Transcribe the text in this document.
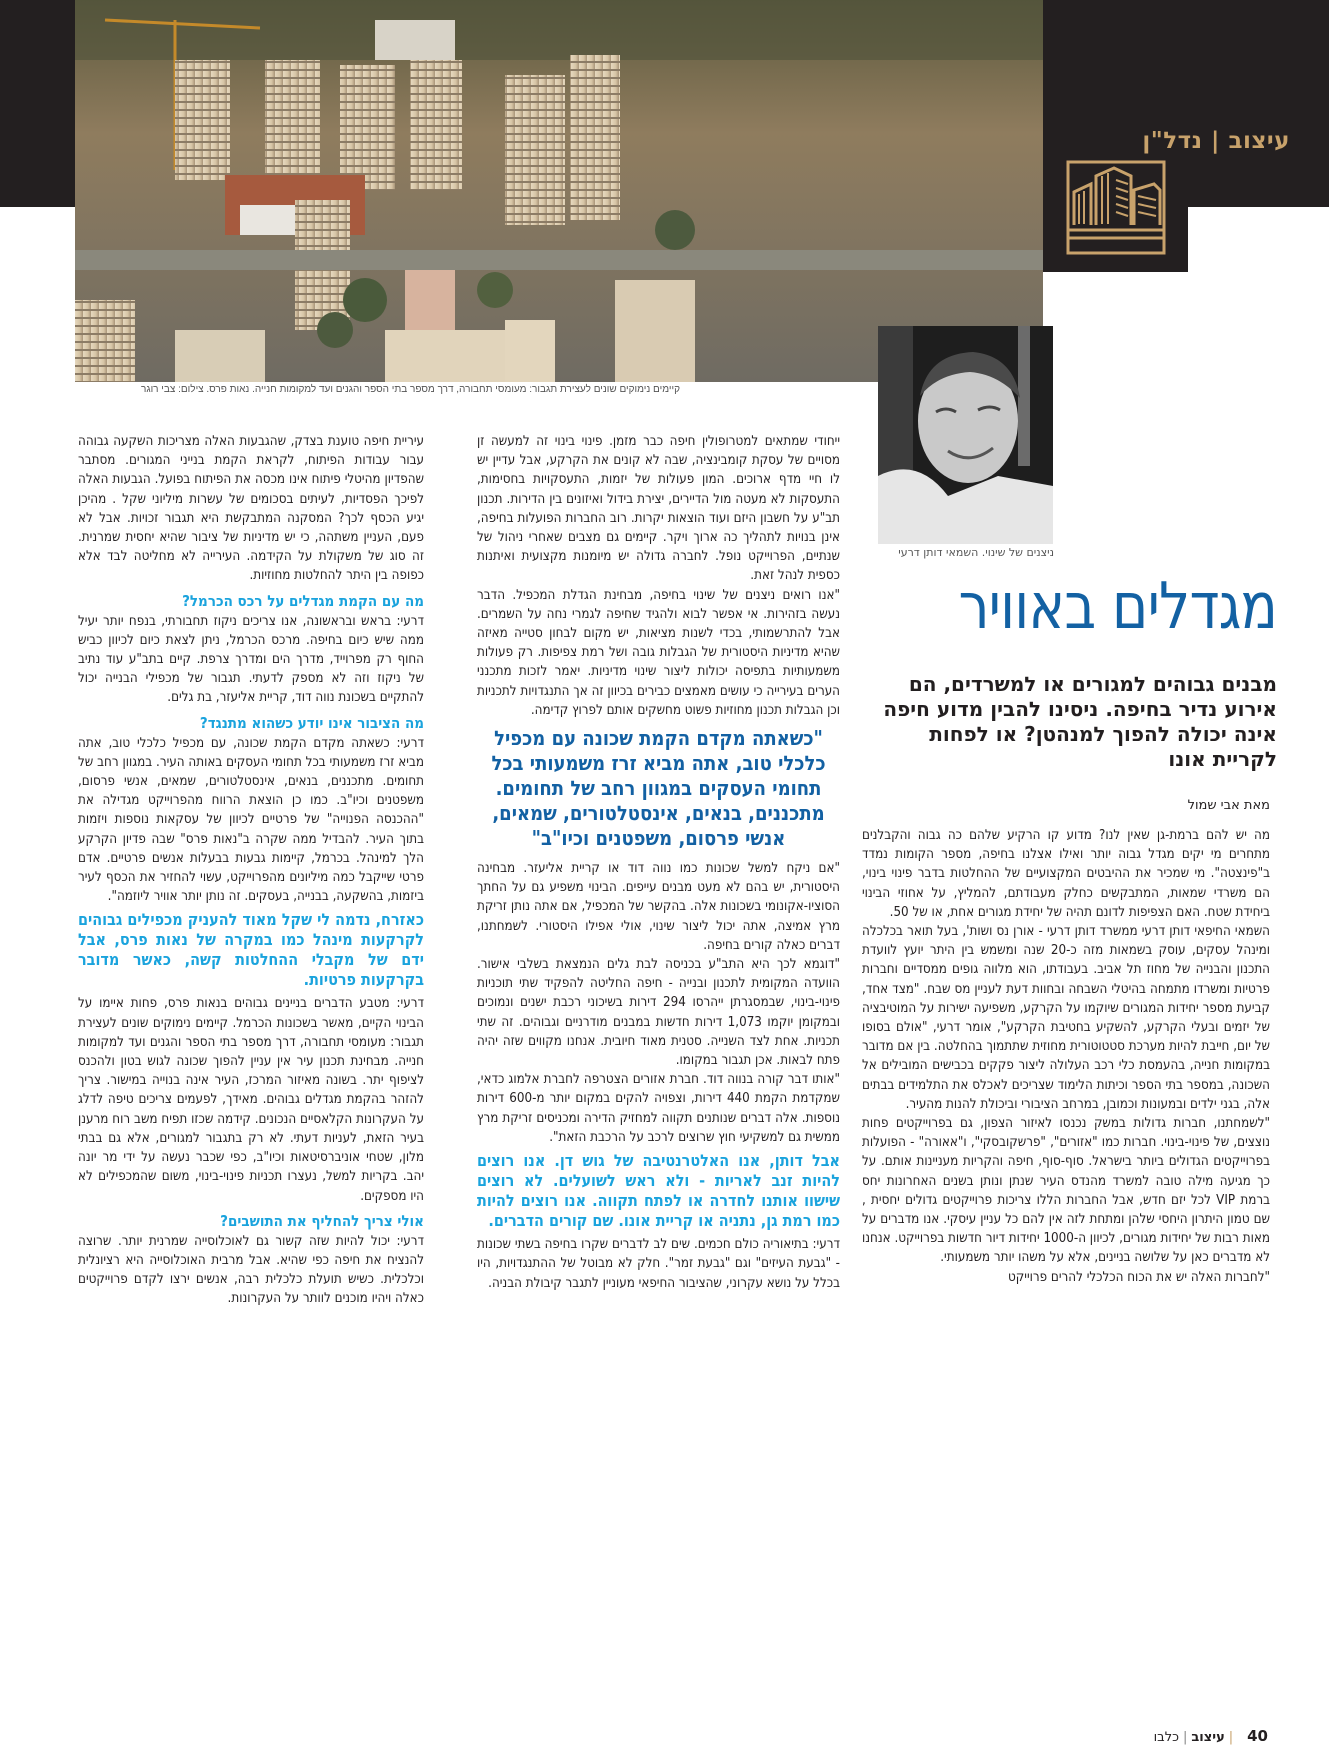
עיצוב | נדל"ן
קיימים נימוקים שונים לעצירת תגבור: מעומסי תחבורה, דרך מספר בתי הספר והגנים ועד למקומות חנייה. נאות פרס. צילום: צבי רוגר
ניצנים של שינוי. השמאי דותן דרעי
מגדלים באוויר
מבנים גבוהים למגורים או למשרדים, הם אירוע נדיר בחיפה. ניסינו להבין מדוע חיפה אינה יכולה להפוך למנהטן? או לפחות לקריית אונו
מאת אבי שמול

מה יש להם ברמת-גן שאין לנו? מדוע קו הרקיע שלהם כה גבוה והקבלנים מתחרים מי יקים מגדל גבוה יותר ואילו אצלנו בחיפה, מספר הקומות נמדד ב"פינצטה". מי שמכיר את ההיבטים המקצועיים של ההחלטות בדבר פינוי בינוי, הם משרדי שמאות, המתבקשים כחלק מעבודתם, להמליץ, על אחוזי הבינוי ביחידת שטח. האם הצפיפות לדונם תהיה של יחידת מגורים אחת, או של 50.

השמאי החיפאי דותן דרעי ממשרד דותן דרעי - אורן נס ושות', בעל תואר בכלכלה ומינהל עסקים, עוסק בשמאות מזה כ-20 שנה ומשמש בין היתר יועץ לוועדת התכנון והבנייה של מחוז תל אביב. בעבודתו, הוא מלווה גופים ממסדיים וחברות פרטיות ומשרדו מתמחה בהיטלי השבחה ובחוות דעת לעניין מס שבח. "מצד אחד, קביעת מספר יחידות המגורים שיוקמו על הקרקע, משפיעה ישירות על המוטיבציה של יזמים ובעלי הקרקע, להשקיע בחטיבת הקרקע", אומר דרעי, "אולם בסופו של יום, חייבת להיות מערכת סטטוטורית מחוזית שתתמוך בהחלטה. בין אם מדובר במקומות חנייה, בהעמסת כלי רכב העלולה ליצור פקקים בכבישים המובילים אל השכונה, במספר בתי הספר וכיתות הלימוד שצריכים לאכלס את התלמידים בבתים אלה, בגני ילדים ובמעונות וכמובן, במרחב הציבורי וביכולת להנות מהעיר.

"לשמחתנו, חברות גדולות במשק נכנסו לאיזור הצפון, גם בפרוייקטים פחות נוצצים, של פינוי-בינוי. חברות כמו "אזורים", "פרשקובסקי", ו"אאורה" - הפועלות בפרוייקטים הגדולים ביותר בישראל. סוף-סוף, חיפה והקריות מעניינות אותם. על כך מגיעה מילה טובה למשרד מהנדס העיר שנתן ונותן בשנים האחרונות יחס ברמת VIP לכל יזם חדש, אבל החברות הללו צריכות פרוייקטים גדולים יחסית , שם טמון היתרון היחסי שלהן ומתחת לזה אין להם כל עניין עיסקי. אנו מדברים על מאות רבות של יחידות מגורים, לכיוון ה-1000 יחידות דיור חדשות בפרוייקט. אנחנו לא מדברים כאן על שלושה בניינים, אלא על משהו יותר משמעותי.

"לחברות האלה יש את הכוח הכלכלי להרים פרוייקט

ייחודי שמתאים למטרופולין חיפה כבר מזמן. פינוי בינוי זה למעשה זן מסויים של עסקת קומבינציה, שבה לא קונים את הקרקע, אבל עדיין יש לו חיי מדף ארוכים. המון פעולות של יזמות, התעסקויות בחסימות, התעסקות לא מעטה מול הדיירים, יצירת בידול ואיזונים בין הדירות. תכנון תב"ע על חשבון היזם ועוד הוצאות יקרות. רוב החברות הפועלות בחיפה, אינן בנויות לתהליך כה ארוך ויקר. קיימים גם מצבים שאחרי ניהול של שנתיים, הפרוייקט נופל. לחברה גדולה יש מיומנות מקצועית ואיתנות כספית לנהל זאת.

"אנו רואים ניצנים של שינוי בחיפה, מבחינת הגדלת המכפיל. הדבר נעשה בזהירות. אי אפשר לבוא ולהגיד שחיפה לגמרי נחה על השמרים. אבל להתרשמותי, בכדי לשנות מציאות, יש מקום לבחון סטייה מאיזה שהיא מדיניות היסטורית של הגבלות גובה ושל רמת צפיפות. רק פעולות משמעותיות בתפיסה יכולות ליצור שינוי מדיניות. יאמר לזכות מתכנני הערים בעירייה כי עושים מאמצים כבירים בכיוון זה אך התנגדויות לתכניות וכן הגבלות תכנון מחוזיות פשוט מחשקים אותם לפרוץ קדימה.

"כשאתה מקדם הקמת שכונה עם מכפיל כלכלי טוב, אתה מביא זרז משמעותי בכל תחומי העסקים במגוון רחב של תחומים. מתכננים, בנאים, אינסטלטורים, שמאים, אנשי פרסום, משפטנים וכיו"ב"

"אם ניקח למשל שכונות כמו נווה דוד או קריית אליעזר. מבחינה היסטורית, יש בהם לא מעט מבנים עייפים. הבינוי משפיע גם על החתך הסוציו-אקונומי בשכונות אלה. בהקשר של המכפיל, אם אתה נותן זריקת מרץ אמיצה, אתה יכול ליצור שינוי, אולי אפילו היסטורי. לשמחתנו, דברים כאלה קורים בחיפה.

"דוגמא לכך היא התב"ע בכניסה לבת גלים הנמצאת בשלבי אישור. הוועדה המקומית לתכנון ובנייה - חיפה החליטה להפקיד שתי תוכניות פינוי-בינוי, שבמסגרתן ייהרסו 294 דירות בשיכוני רכבת ישנים ונמוכים ובמקומן יוקמו 1,073 דירות חדשות במבנים מודרניים וגבוהים. זה שתי תכניות. אחת לצד השנייה. סטנית מאוד חיובית. אנחנו מקווים שזה יהיה פתח לבאות. אכן תגבור במקומו.

"אותו דבר קורה בנווה דוד. חברת אזורים הצטרפה לחברת אלמוג כדאי, שמקדמת הקמת 440 דירות, וצפויה להקים במקום יותר מ-600 דירות נוספות. אלה דברים שנותנים תקווה למחזיק הדירה ומכניסים זריקת מרץ ממשית גם למשקיעי חוץ שרוצים לרכב על הרכבת הזאת".

אבל דותן, אנו האלטרנטיבה של גוש דן. אנו רוצים להיות זנב לאריות - ולא ראש לשועלים. לא רוצים שישוו אותנו לחדרה או לפתח תקווה. אנו רוצים להיות כמו רמת גן, נתניה או קריית אונו. שם קורים הדברים.

דרעי: בתיאוריה כולם חכמים. שים לב לדברים שקרו בחיפה בשתי שכונות - "גבעת העיזים" וגם "גבעת זמר". חלק לא מבוטל של ההתנגדויות, היו בכלל על נושא עקרוני, שהציבור החיפאי מעוניין לתגבר קיבולת הבניה.

עיריית חיפה טוענת בצדק, שהגבעות האלה מצריכות השקעה גבוהה עבור עבודות הפיתוח, לקראת הקמת בנייני המגורים. מסתבר שהפדיון מהיטלי פיתוח אינו מכסה את הפיתוח בפועל. הגבעות האלה לפיכך הפסדיות, לעיתים בסכומים של עשרות מיליוני שקל . מהיכן יגיע הכסף לכך? המסקנה המתבקשת היא תגבור זכויות. אבל לא פעם, העניין משתהה, כי יש מדיניות של ציבור שהיא יחסית שמרנית. זה סוג של משקולת על הקידמה. העירייה לא מחליטה לבד אלא כפופה בין היתר להחלטות מחוזיות.

מה עם הקמת מגדלים על רכס הכרמל?

דרעי: בראש ובראשונה, אנו צריכים ניקוז תחבורתי, בנפח יותר יעיל ממה שיש כיום בחיפה. מרכס הכרמל, ניתן לצאת כיום לכיוון כביש החוף רק מפרוייד, מדרך הים ומדרך צרפת. קיים בתב"ע עוד נתיב של ניקוז וזה לא מספק לדעתי. תגבור של מכפילי הבנייה יכול להתקיים בשכונת נווה דוד, קריית אליעזר, בת גלים.

מה הציבור אינו יודע כשהוא מתנגד?

דרעי: כשאתה מקדם הקמת שכונה, עם מכפיל כלכלי טוב, אתה מביא זרז משמעותי בכל תחומי העסקים באותה העיר. במגוון רחב של תחומים. מתכננים, בנאים, אינסטלטורים, שמאים, אנשי פרסום, משפטנים וכיו"ב. כמו כן הוצאת הרווח מהפרוייקט מגדילה את "ההכנסה הפנוייה" של פרטיים לכיוון של עסקאות נוספות ויזמות בתוך העיר. להבדיל ממה שקרה ב"נאות פרס" שבה פדיון הקרקע הלך למינהל. בכרמל, קיימות גבעות בבעלות אנשים פרטיים. אדם פרטי שייקבל כמה מיליונים מהפרוייקט, עשוי להחזיר את הכסף לעיר ביזמות, בהשקעה, בבנייה, בעסקים. זה נותן יותר אוויר ליוזמה".

כאזרח, נדמה לי שקל מאוד להעניק מכפילים גבוהים לקרקעות מינהל כמו במקרה של נאות פרס, אבל ידם של מקבלי ההחלטות קשה, כאשר מדובר בקרקעות פרטיות.

דרעי: מטבע הדברים בניינים גבוהים בנאות פרס, פחות איימו על הבינוי הקיים, מאשר בשכונות הכרמל. קיימים נימוקים שונים לעצירת תגבור: מעומסי תחבורה, דרך מספר בתי הספר והגנים ועד למקומות חנייה. מבחינת תכנון עיר אין עניין להפוך שכונה לגוש בטון ולהכנס לציפוף יתר. בשונה מאיזור המרכז, העיר אינה בנוייה במישור. צריך להזהר בהקמת מגדלים גבוהים. מאידך, לפעמים צריכים טיפה לדלג על העקרונות הקלאסיים הנכונים. קידמה שכזו תפיח משב רוח מרענן בעיר הזאת, לעניות דעתי. לא רק בתגבור למגורים, אלא גם בבתי מלון, שטחי אוניברסיטאות וכיו"ב, כפי שכבר נעשה על ידי מר יונה יהב. בקריות למשל, נעצרו תכניות פינוי-בינוי, משום שהמכפילים לא היו מספקים.

אולי צריך להחליף את התושבים?

דרעי: יכול להיות שזה קשור גם לאוכלוסייה שמרנית יותר. שרוצה להנציח את חיפה כפי שהיא. אבל מרבית האוכלוסייה היא רציונלית וכלכלית. כשיש תועלת כלכלית רבה, אנשים ירצו לקדם פרוייקטים כאלה ויהיו מוכנים לוותר על העקרונות.

40|עיצוב|כלבו
